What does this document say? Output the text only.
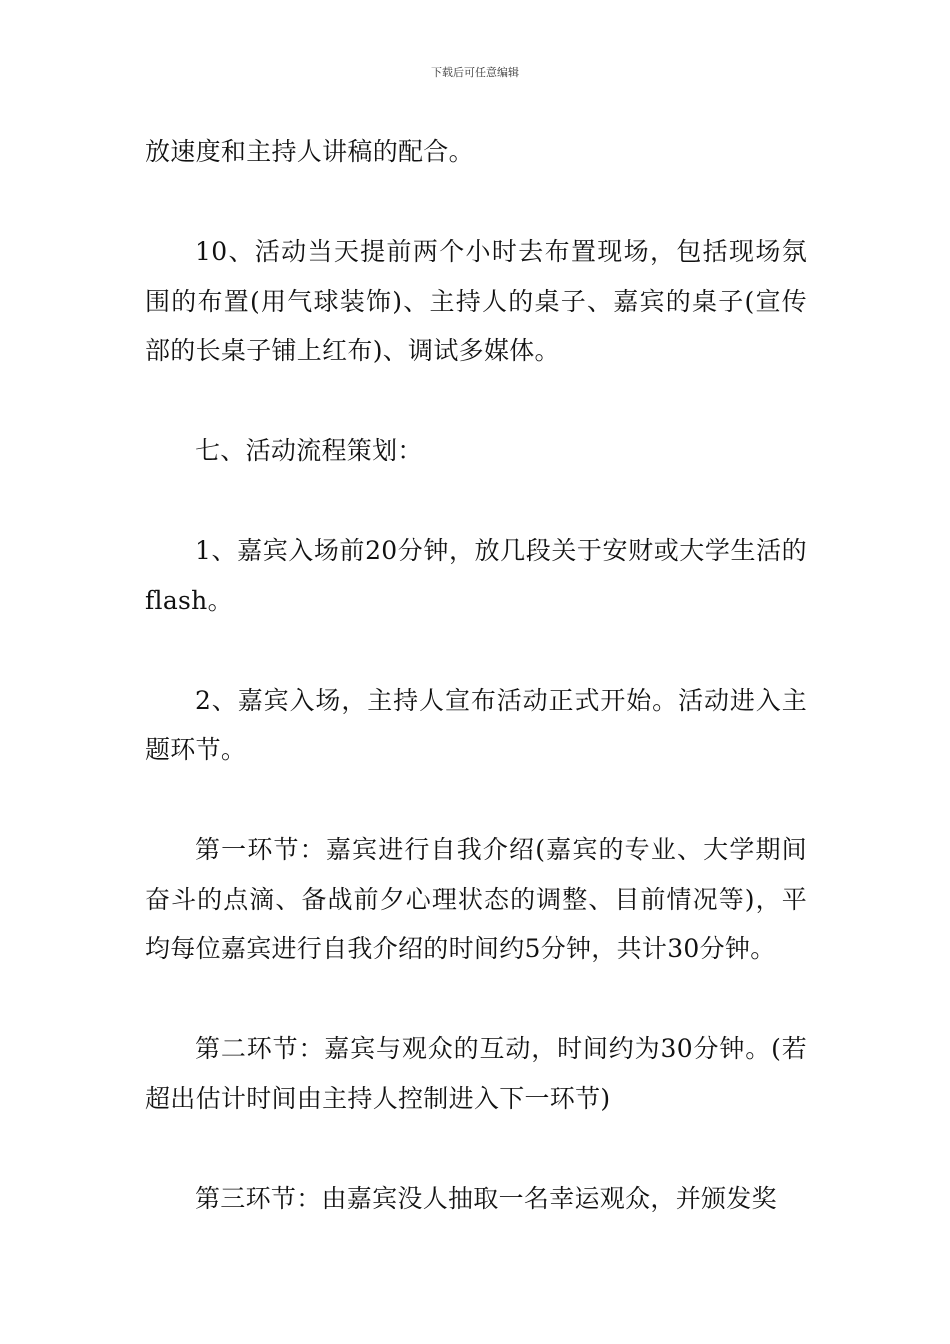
下载后可任意编辑

放速度和主持人讲稿的配合。

10、活动当天提前两个小时去布置现场，包括现场氛围的布置(用气球装饰)、主持人的桌子、嘉宾的桌子(宣传部的长桌子铺上红布)、调试多媒体。

七、活动流程策划：

1、嘉宾入场前20分钟，放几段关于安财或大学生活的flash。

2、嘉宾入场，主持人宣布活动正式开始。活动进入主题环节。

第一环节：嘉宾进行自我介绍(嘉宾的专业、大学期间奋斗的点滴、备战前夕心理状态的调整、目前情况等)，平均每位嘉宾进行自我介绍的时间约5分钟，共计30分钟。

第二环节：嘉宾与观众的互动，时间约为30分钟。(若超出估计时间由主持人控制进入下一环节)

第三环节：由嘉宾没人抽取一名幸运观众，并颁发奖
